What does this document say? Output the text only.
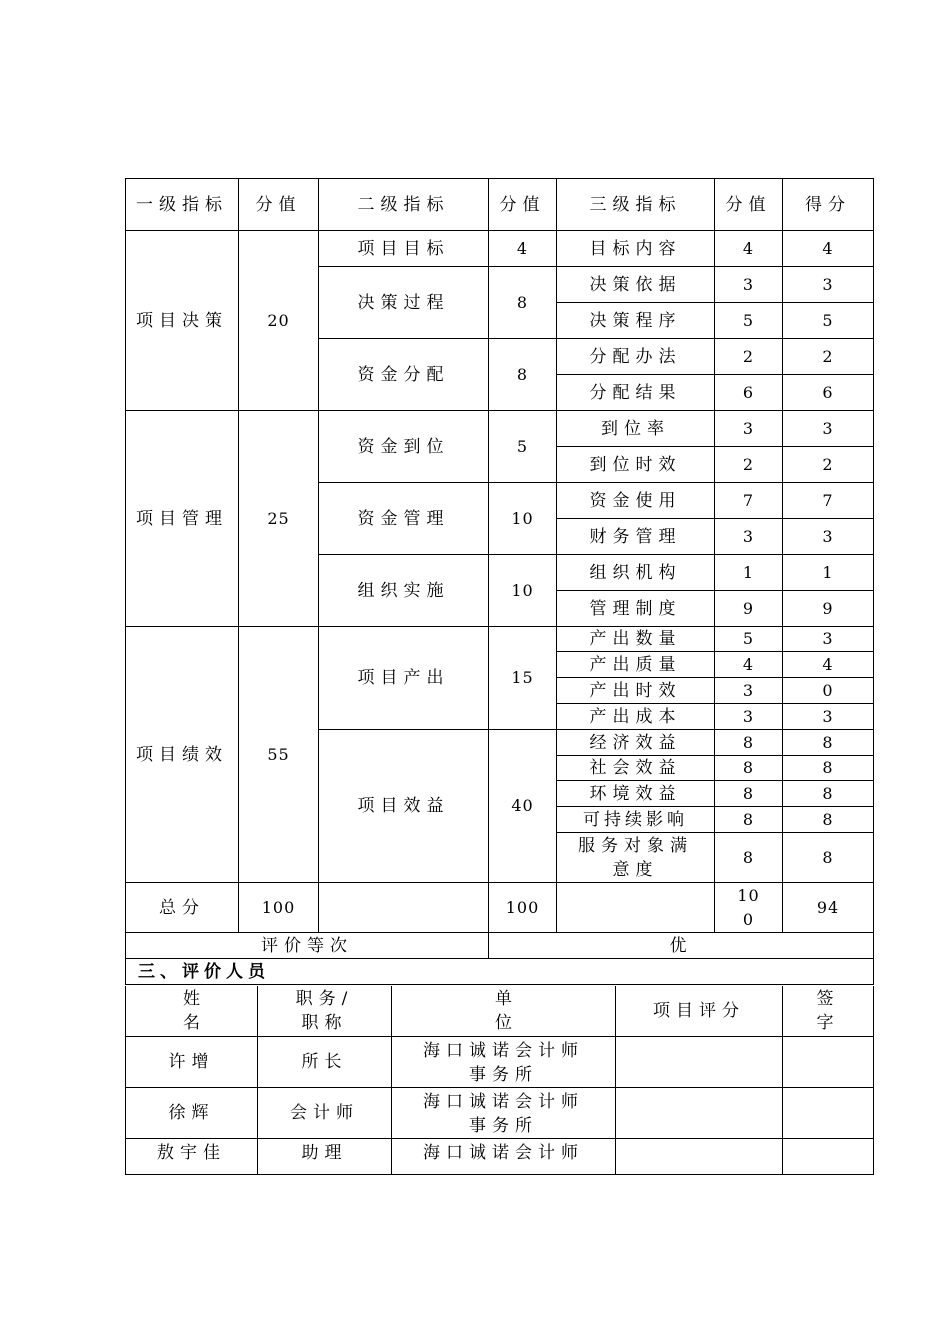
一级指标	分值	二级指标	分值	三级指标	分值	得分
项目决策	20	项目目标	4	目标内容	4	4
		决策过程	8	决策依据	3	3
				决策程序	5	5
		资金分配	8	分配办法	2	2
				分配结果	6	6
项目管理	25	资金到位	5	到位率	3	3
				到位时效	2	2
		资金管理	10	资金使用	7	7
				财务管理	3	3
		组织实施	10	组织机构	1	1
				管理制度	9	9
项目绩效	55	项目产出	15	产出数量	5	3
				产出质量	4	4
				产出时效	3	0
				产出成本	3	3
		项目效益	40	经济效益	8	8
				社会效益	8	8
				环境效益	8	8
				可持续影响	8	8
				服务对象满意度	8	8
总分	100		100		100	94
评价等次			优			
三、评价人员						
姓名	职务/职称	单位	项目评分	签字
许增	所长	海口诚诺会计师事务所		
徐辉	会计师	海口诚诺会计师事务所		
敖宇佳	助理	海口诚诺会计师		
